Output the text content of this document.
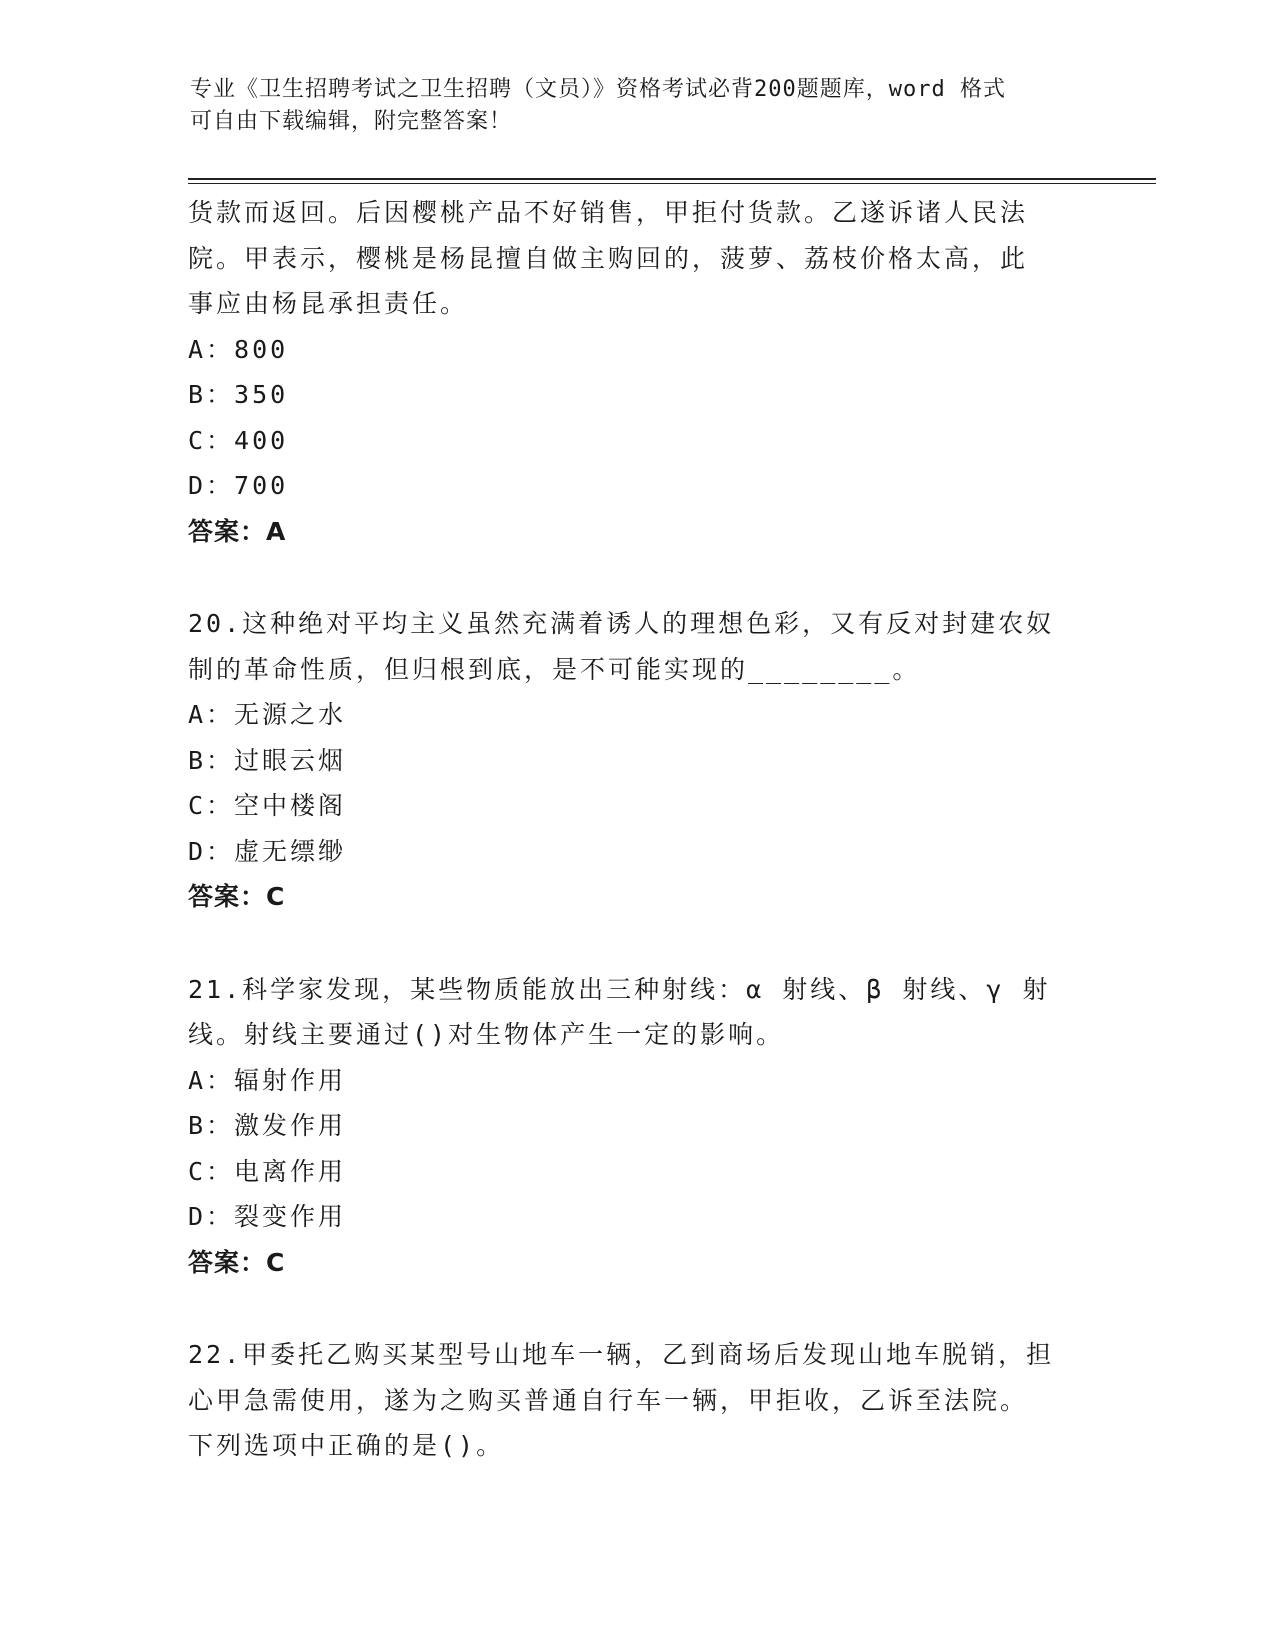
专业《卫生招聘考试之卫生招聘（文员）》资格考试必背200题题库，word 格式
可自由下载编辑，附完整答案！
货款而返回。后因樱桃产品不好销售，甲拒付货款。乙遂诉诸人民法
院。甲表示，樱桃是杨昆擅自做主购回的，菠萝、荔枝价格太高，此
事应由杨昆承担责任。
A：800
B：350
C：400
D：700
答案：A
20.这种绝对平均主义虽然充满着诱人的理想色彩，又有反对封建农奴
制的革命性质，但归根到底，是不可能实现的________。
A：无源之水
B：过眼云烟
C：空中楼阁
D：虚无缥缈
答案：C
21.科学家发现，某些物质能放出三种射线：α 射线、β 射线、γ 射
线。射线主要通过()对生物体产生一定的影响。
A：辐射作用
B：激发作用
C：电离作用
D：裂变作用
答案：C
22.甲委托乙购买某型号山地车一辆，乙到商场后发现山地车脱销，担
心甲急需使用，遂为之购买普通自行车一辆，甲拒收，乙诉至法院。
下列选项中正确的是()。
